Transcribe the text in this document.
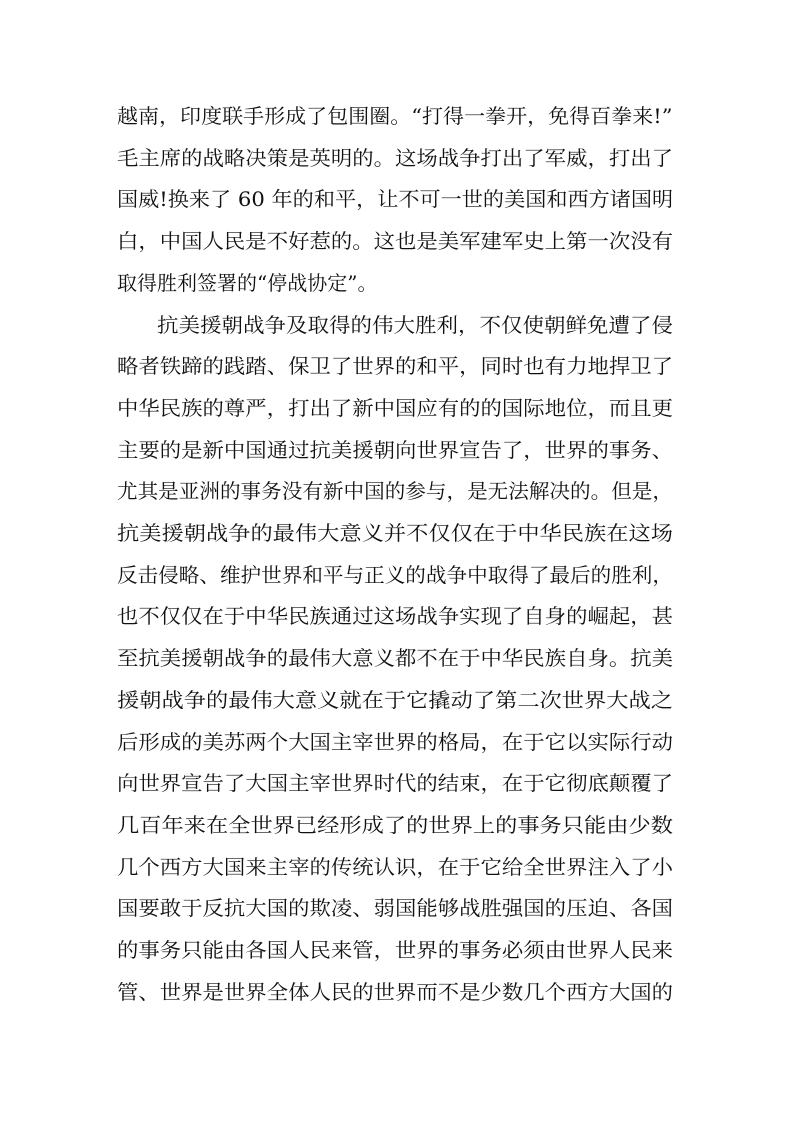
越南，印度联手形成了包围圈。“打得一拳开，免得百拳来!”
毛主席的战略决策是英明的。这场战争打出了军威，打出了
国威!换来了 60 年的和平，让不可一世的美国和西方诸国明
白，中国人民是不好惹的。这也是美军建军史上第一次没有
取得胜利签署的“停战协定”。
抗美援朝战争及取得的伟大胜利，不仅使朝鲜免遭了侵
略者铁蹄的践踏、保卫了世界的和平，同时也有力地捍卫了
中华民族的尊严，打出了新中国应有的的国际地位，而且更
主要的是新中国通过抗美援朝向世界宣告了，世界的事务、
尤其是亚洲的事务没有新中国的参与，是无法解决的。但是，
抗美援朝战争的最伟大意义并不仅仅在于中华民族在这场
反击侵略、维护世界和平与正义的战争中取得了最后的胜利，
也不仅仅在于中华民族通过这场战争实现了自身的崛起，甚
至抗美援朝战争的最伟大意义都不在于中华民族自身。抗美
援朝战争的最伟大意义就在于它撬动了第二次世界大战之
后形成的美苏两个大国主宰世界的格局，在于它以实际行动
向世界宣告了大国主宰世界时代的结束，在于它彻底颠覆了
几百年来在全世界已经形成了的世界上的事务只能由少数
几个西方大国来主宰的传统认识，在于它给全世界注入了小
国要敢于反抗大国的欺凌、弱国能够战胜强国的压迫、各国
的事务只能由各国人民来管，世界的事务必须由世界人民来
管、世界是世界全体人民的世界而不是少数几个西方大国的
